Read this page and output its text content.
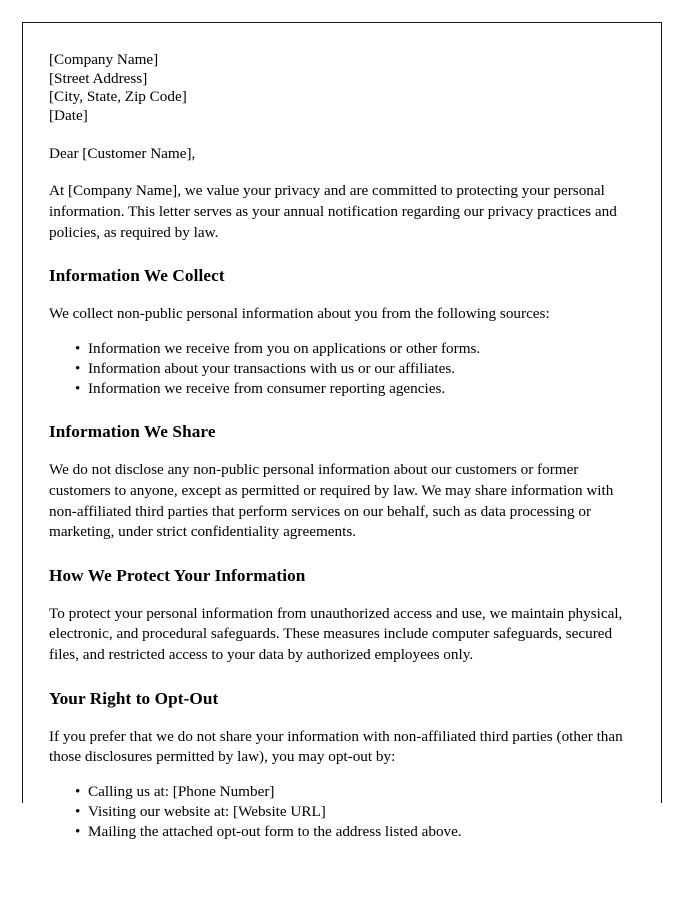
[Company Name]
[Street Address]
[City, State, Zip Code]
[Date]
Dear [Customer Name],

At [Company Name], we value your privacy and are committed to protecting your personal information. This letter serves as your annual notification regarding our privacy practices and policies, as required by law.

Information We Collect

We collect non-public personal information about you from the following sources:

• Information we receive from you on applications or other forms.
• Information about your transactions with us or our affiliates.
• Information we receive from consumer reporting agencies.
Information We Share

We do not disclose any non-public personal information about our customers or former customers to anyone, except as permitted or required by law. We may share information with non-affiliated third parties that perform services on our behalf, such as data processing or marketing, under strict confidentiality agreements.

How We Protect Your Information

To protect your personal information from unauthorized access and use, we maintain physical, electronic, and procedural safeguards. These measures include computer safeguards, secured files, and restricted access to your data by authorized employees only.

Your Right to Opt-Out

If you prefer that we do not share your information with non-affiliated third parties (other than those disclosures permitted by law), you may opt-out by:

• Calling us at: [Phone Number]
• Visiting our website at: [Website URL]
• Mailing the attached opt-out form to the address listed above.
